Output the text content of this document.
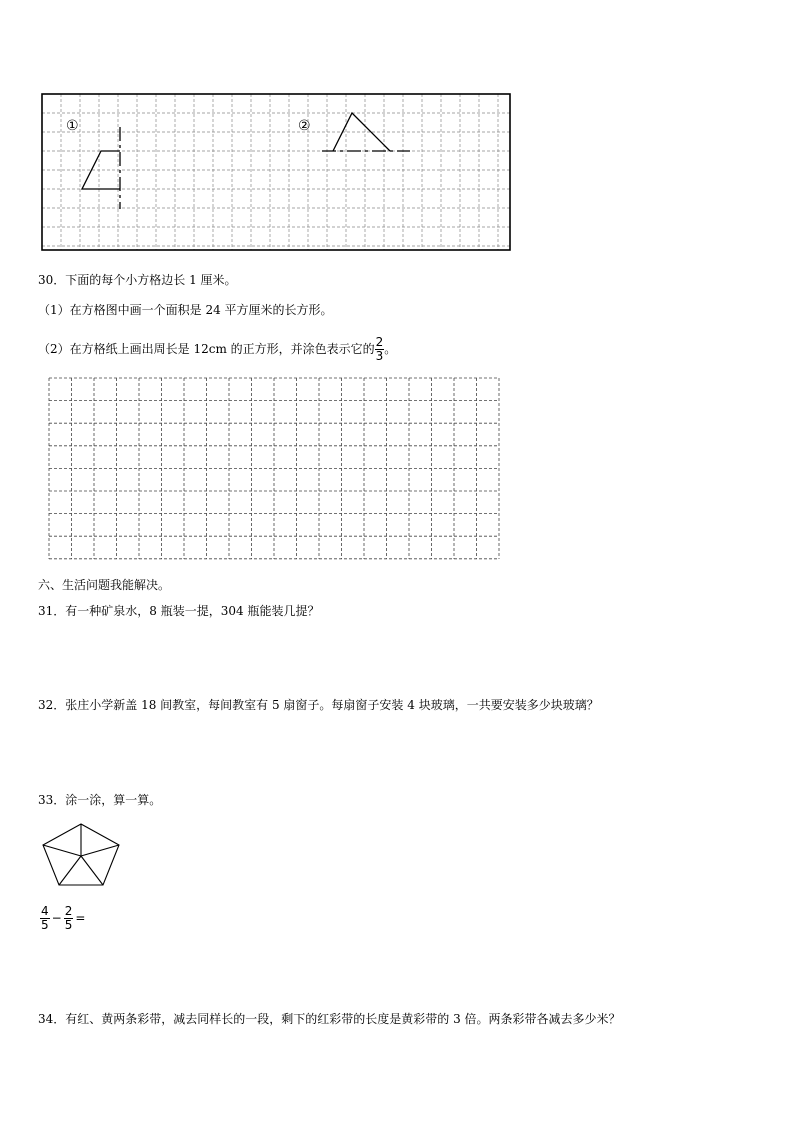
①	②
30．下面的每个小方格边长 1 厘米。
（1）在方格图中画一个面积是 24 平方厘米的长方形。
（2）在方格纸上画出周长是 12cm 的正方形，并涂色表示它的 $\frac{2}{3}$ 。
六、生活问题我能解决。
31．有一种矿泉水，8 瓶装一提，304 瓶能装几提？
32．张庄小学新盖 18 间教室，每间教室有 5 扇窗子。每扇窗子安装 4 块玻璃，一共要安装多少块玻璃？
33．涂一涂，算一算。
$\frac{4}{5} - \frac{2}{5}$ =
34．有红、黄两条彩带，减去同样长的一段，剩下的红彩带的长度是黄彩带的 3 倍。两条彩带各减去多少米？
